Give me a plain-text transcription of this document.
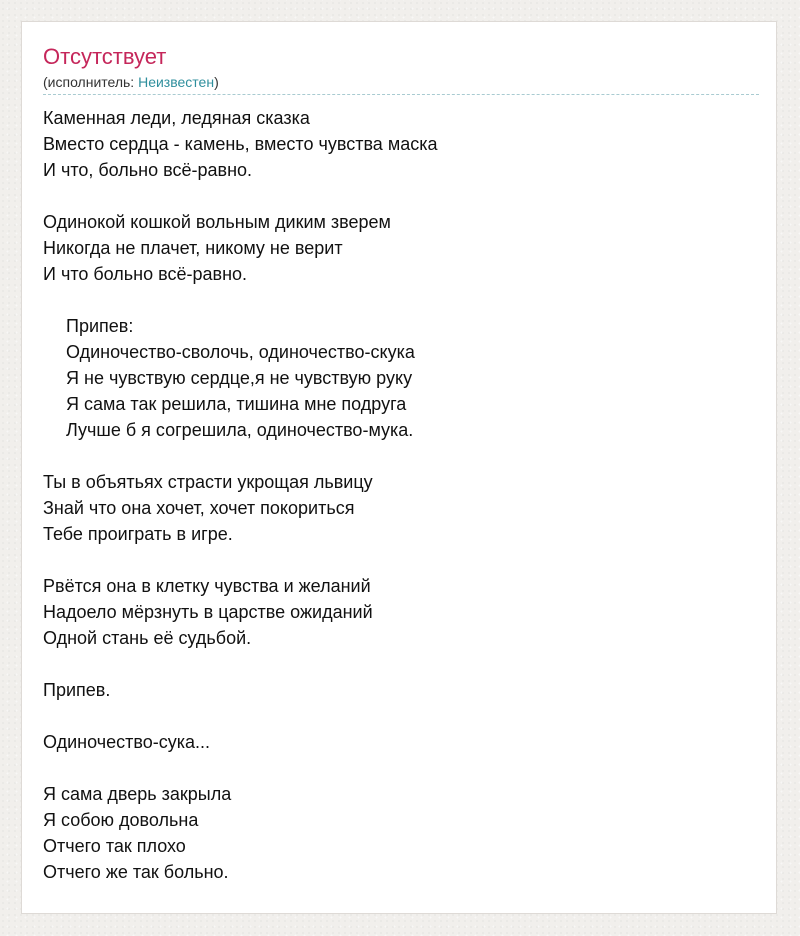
Отсутствует
(исполнитель: Неизвестен)
Каменная леди, ледяная сказка
Вместо сердца - камень, вместо чувства маска
И что, больно всё-равно.
Одинокой кошкой вольным диким зверем
Никогда не плачет, никому не верит
И что больно всё-равно.
Припев:
Одиночество-сволочь, одиночество-скука
Я не чувствую сердце,я не чувствую руку
Я сама так решила, тишина мне подруга
Лучше б я согрешила, одиночество-мука.
Ты в объятьях страсти укрощая львицу
Знай что она хочет, хочет покориться
Тебе проиграть в игре.
Рвётся она в клетку чувства и желаний
Надоело мёрзнуть в царстве ожиданий
Одной стань её судьбой.
Припев.
Одиночество-сука...
Я сама дверь закрыла
Я собою довольна
Отчего так плохо
Отчего же так больно.
